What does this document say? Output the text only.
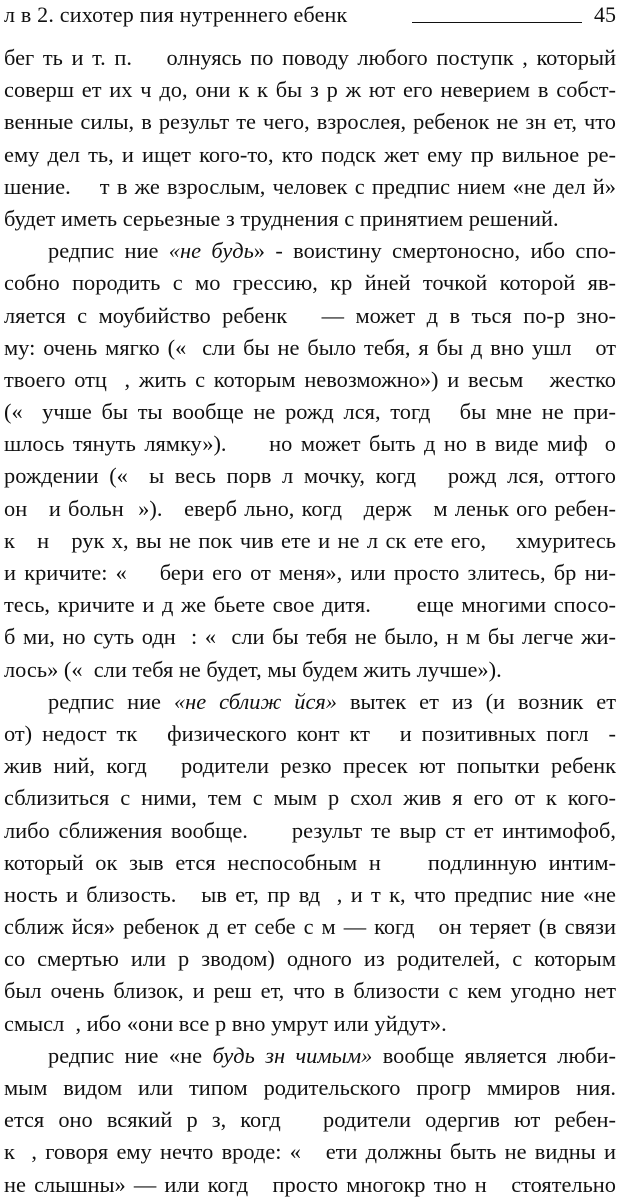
л в 2. сихотер пия нутреннего ебенк	45
бег ть и т. п.    олнуясь по поводу любого поступк , который
соверш ет их ч до, они к к бы з р ж ют его неверием в собст-
венные силы, в результ те чего, взрослея, ребенок не зн ет, что
ему дел ть, и ищет кого-то, кто подск жет ему пр вильное ре-
шение.    т в же взрослым, человек с предпис нием «не дел й»
будет иметь серьезные з труднения с принятием решений.
редпис ние «не будь» - воистину смертоносно, ибо спо-
собно породить с мо грессию, кр йней точкой которой яв-
ляется с моубийство ребенк   — может д в ться по-р зно-
му: очень мягко («  сли бы не было тебя, я бы д вно ушл   от
твоего отц  , жить с которым невозможно») и весьм   жестко
(«  учше бы ты вообще не рожд лся, тогд   бы мне не при-
шлось тянуть лямку»).     но может быть д но в виде миф  о
рождении («  ы весь порв л мочку, когд   рожд лся, оттого
он   и больн  »).   еверб льно, когд   держ   м леньк ого ребен-
к   н   рук х, вы не пок чив ете и не л ск ете его,    хмуритесь
и кричите: «    бери его от меня», или просто злитесь, бр ни-
тесь, кричите и д же бьете свое дитя.      еще многими спосо-
б ми, но суть одн  : «  сли бы тебя не было, н м бы легче жи-
лось» («  сли тебя не будет, мы будем жить лучше»).
редпис ние «не сближ йся» вытек ет из (и возник ет
от) недост тк   физического конт кт   и позитивных погл  -
жив ний, когд   родители резко пресек ют попытки ребенк
сблизиться с ними, тем с мым р схол жив я его от к кого-
либо сближения вообще.     результ те выр ст ет интимофоб,
который ок зыв ется неспособным н    подлинную интим-
ность и близость.   ыв ет, пр вд  , и т к, что предпис ние «не
сближ йся» ребенок д ет себе с м — когд   он теряет (в связи
со смертью или р зводом) одного из родителей, с которым
был очень близок, и реш ет, что в близости с кем угодно нет
смысл  , ибо «они все р вно умрут или уйдут».
редпис ние «не будь зн чимым» вообще является люби-
мым видом или типом родительского прогр ммиров ния.
ется оно всякий р з, когд   родители одергив ют ребен-
к  , говоря ему нечто вроде: «   ети должны быть не видны и
не слышны» — или когд   просто многокр тно н   стоятельно
